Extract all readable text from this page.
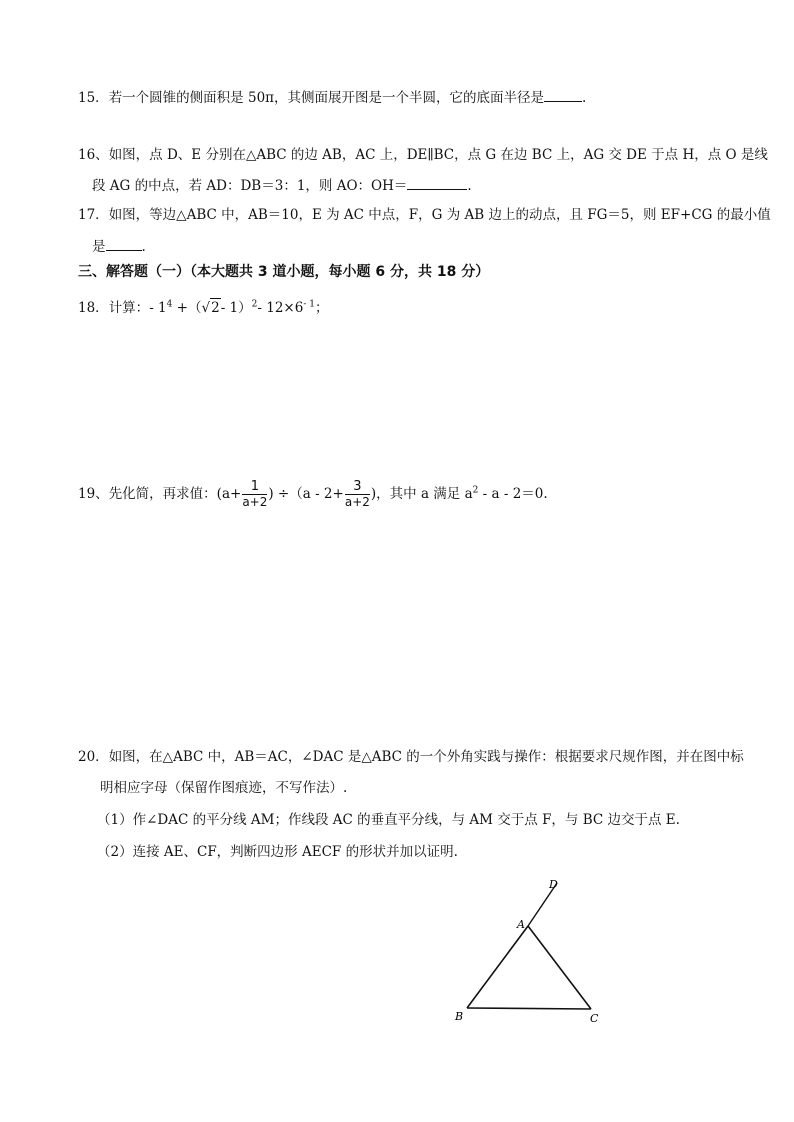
15．若一个圆锥的侧面积是 50π，其侧面展开图是一个半圆，它的底面半径是	.
16、如图，点 D、E 分别在△ABC 的边 AB，AC 上，DE∥BC，点 G 在边 BC 上，AG 交 DE 于点 H，点 O 是线
段 AG 的中点，若 AD：DB＝3：1，则 AO：OH＝	.
17．如图，等边△ABC 中，AB＝10，E 为 AC 中点，F，G 为 AB 边上的动点，且 FG＝5，则 EF+CG 的最小值
是	.
三、解答题（一）（本大题共 3 道小题，每小题 6 分，共 18 分）
18．计算：- $1^4 +(√2-$ 1）$^2$- $12\times 6^{- 1}$；
19、先化简，再求值：($a+ \frac{1}{a+2}$ ) $\div(a - 2+ \frac{3}{a+2}$ )，其中 a 满足 $a^2 - a - 2=0$.
20．如图，在△ABC 中，AB＝AC，∠DAC 是△ABC 的一个外角实践与操作：根据要求尺规作图，并在图中标
明相应字母（保留作图痕迹，不写作法）.
（1）作∠DAC 的平分线 AM；作线段 AC 的垂直平分线，与 AM 交于点 F，与 BC 边交于点 E.
（2）连接 AE、CF，判断四边形 AECF 的形状并加以证明.
D
A
B	C
